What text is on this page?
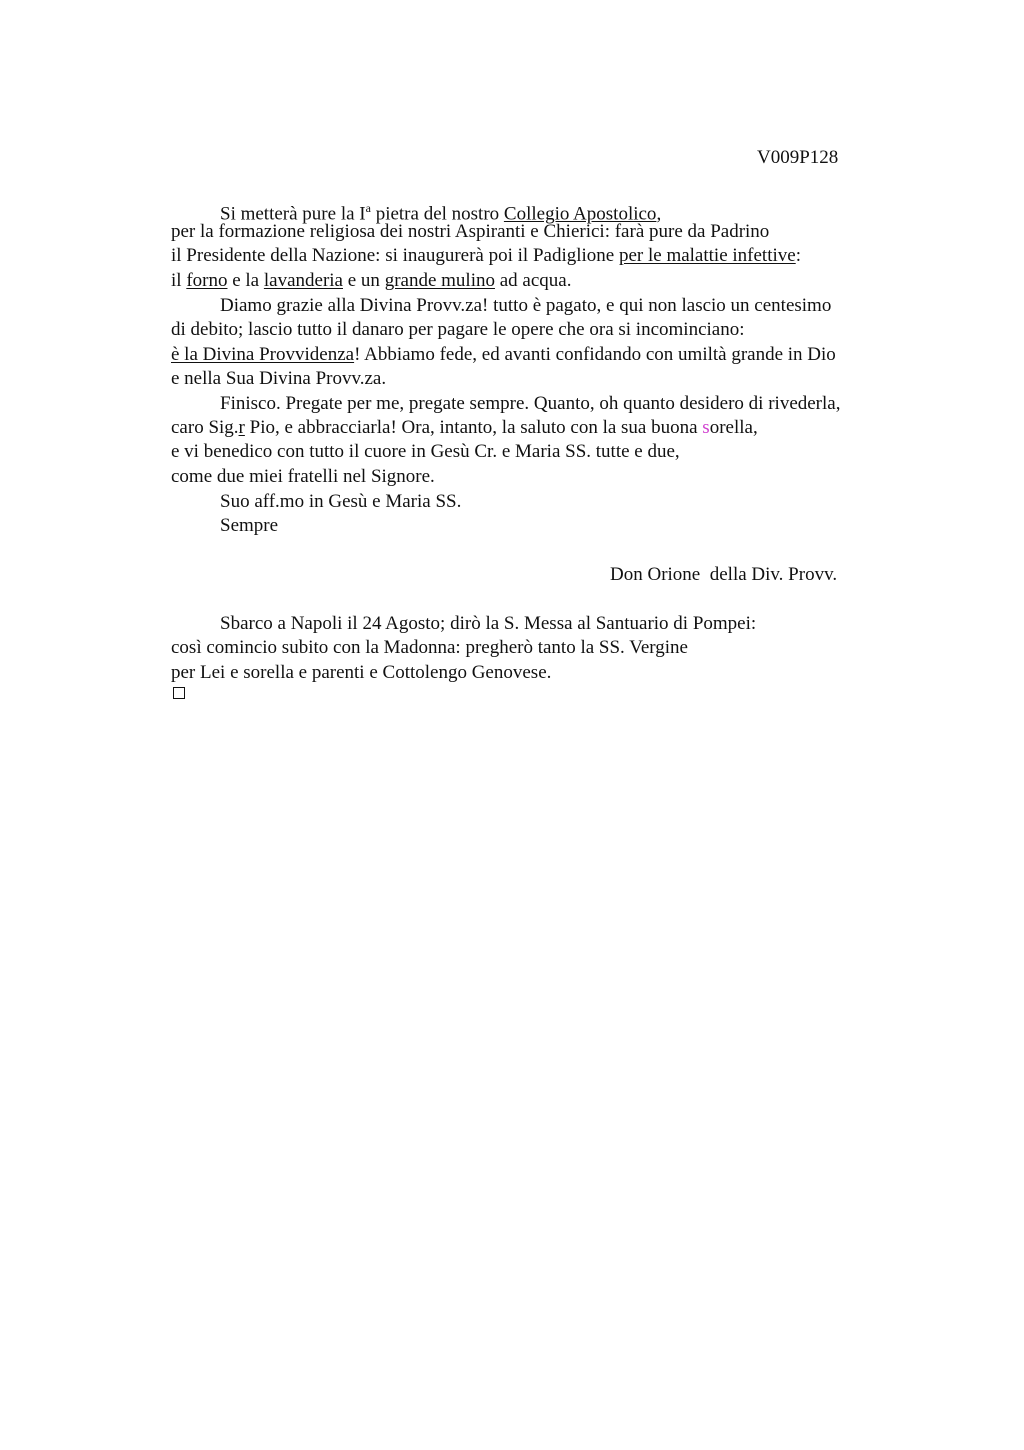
V009P128
Si metterà pure la $I^a$ pietra del nostro Collegio Apostolico,
per la formazione religiosa dei nostri Aspiranti e Chierici: farà pure da Padrino
il Presidente della Nazione: si inaugurerà poi il Padiglione per le malattie infettive:
il forno e la lavanderia e un grande mulino ad acqua.
Diamo grazie alla Divina Provv.za! tutto è pagato, e qui non lascio un centesimo
di debito; lascio tutto il danaro per pagare le opere che ora si incominciano:
è la Divina Provvidenza! Abbiamo fede, ed avanti confidando con umiltà grande in Dio
e nella Sua Divina Provv.za.
Finisco. Pregate per me, pregate sempre. Quanto, oh quanto desidero di rivederla,
caro Sig.r Pio, e abbracciarla! Ora, intanto, la saluto con la sua buona sorella,
e vi benedico con tutto il cuore in Gesù Cr. e Maria SS. tutte e due,
come due miei fratelli nel Signore.
Suo aff.mo in Gesù e Maria SS.
Sempre
Don Orione  della Div. Provv.
Sbarco a Napoli il 24 Agosto; dirò la S. Messa al Santuario di Pompei:
così comincio subito con la Madonna: pregherò tanto la SS. Vergine
per Lei e sorella e parenti e Cottolengo Genovese.
